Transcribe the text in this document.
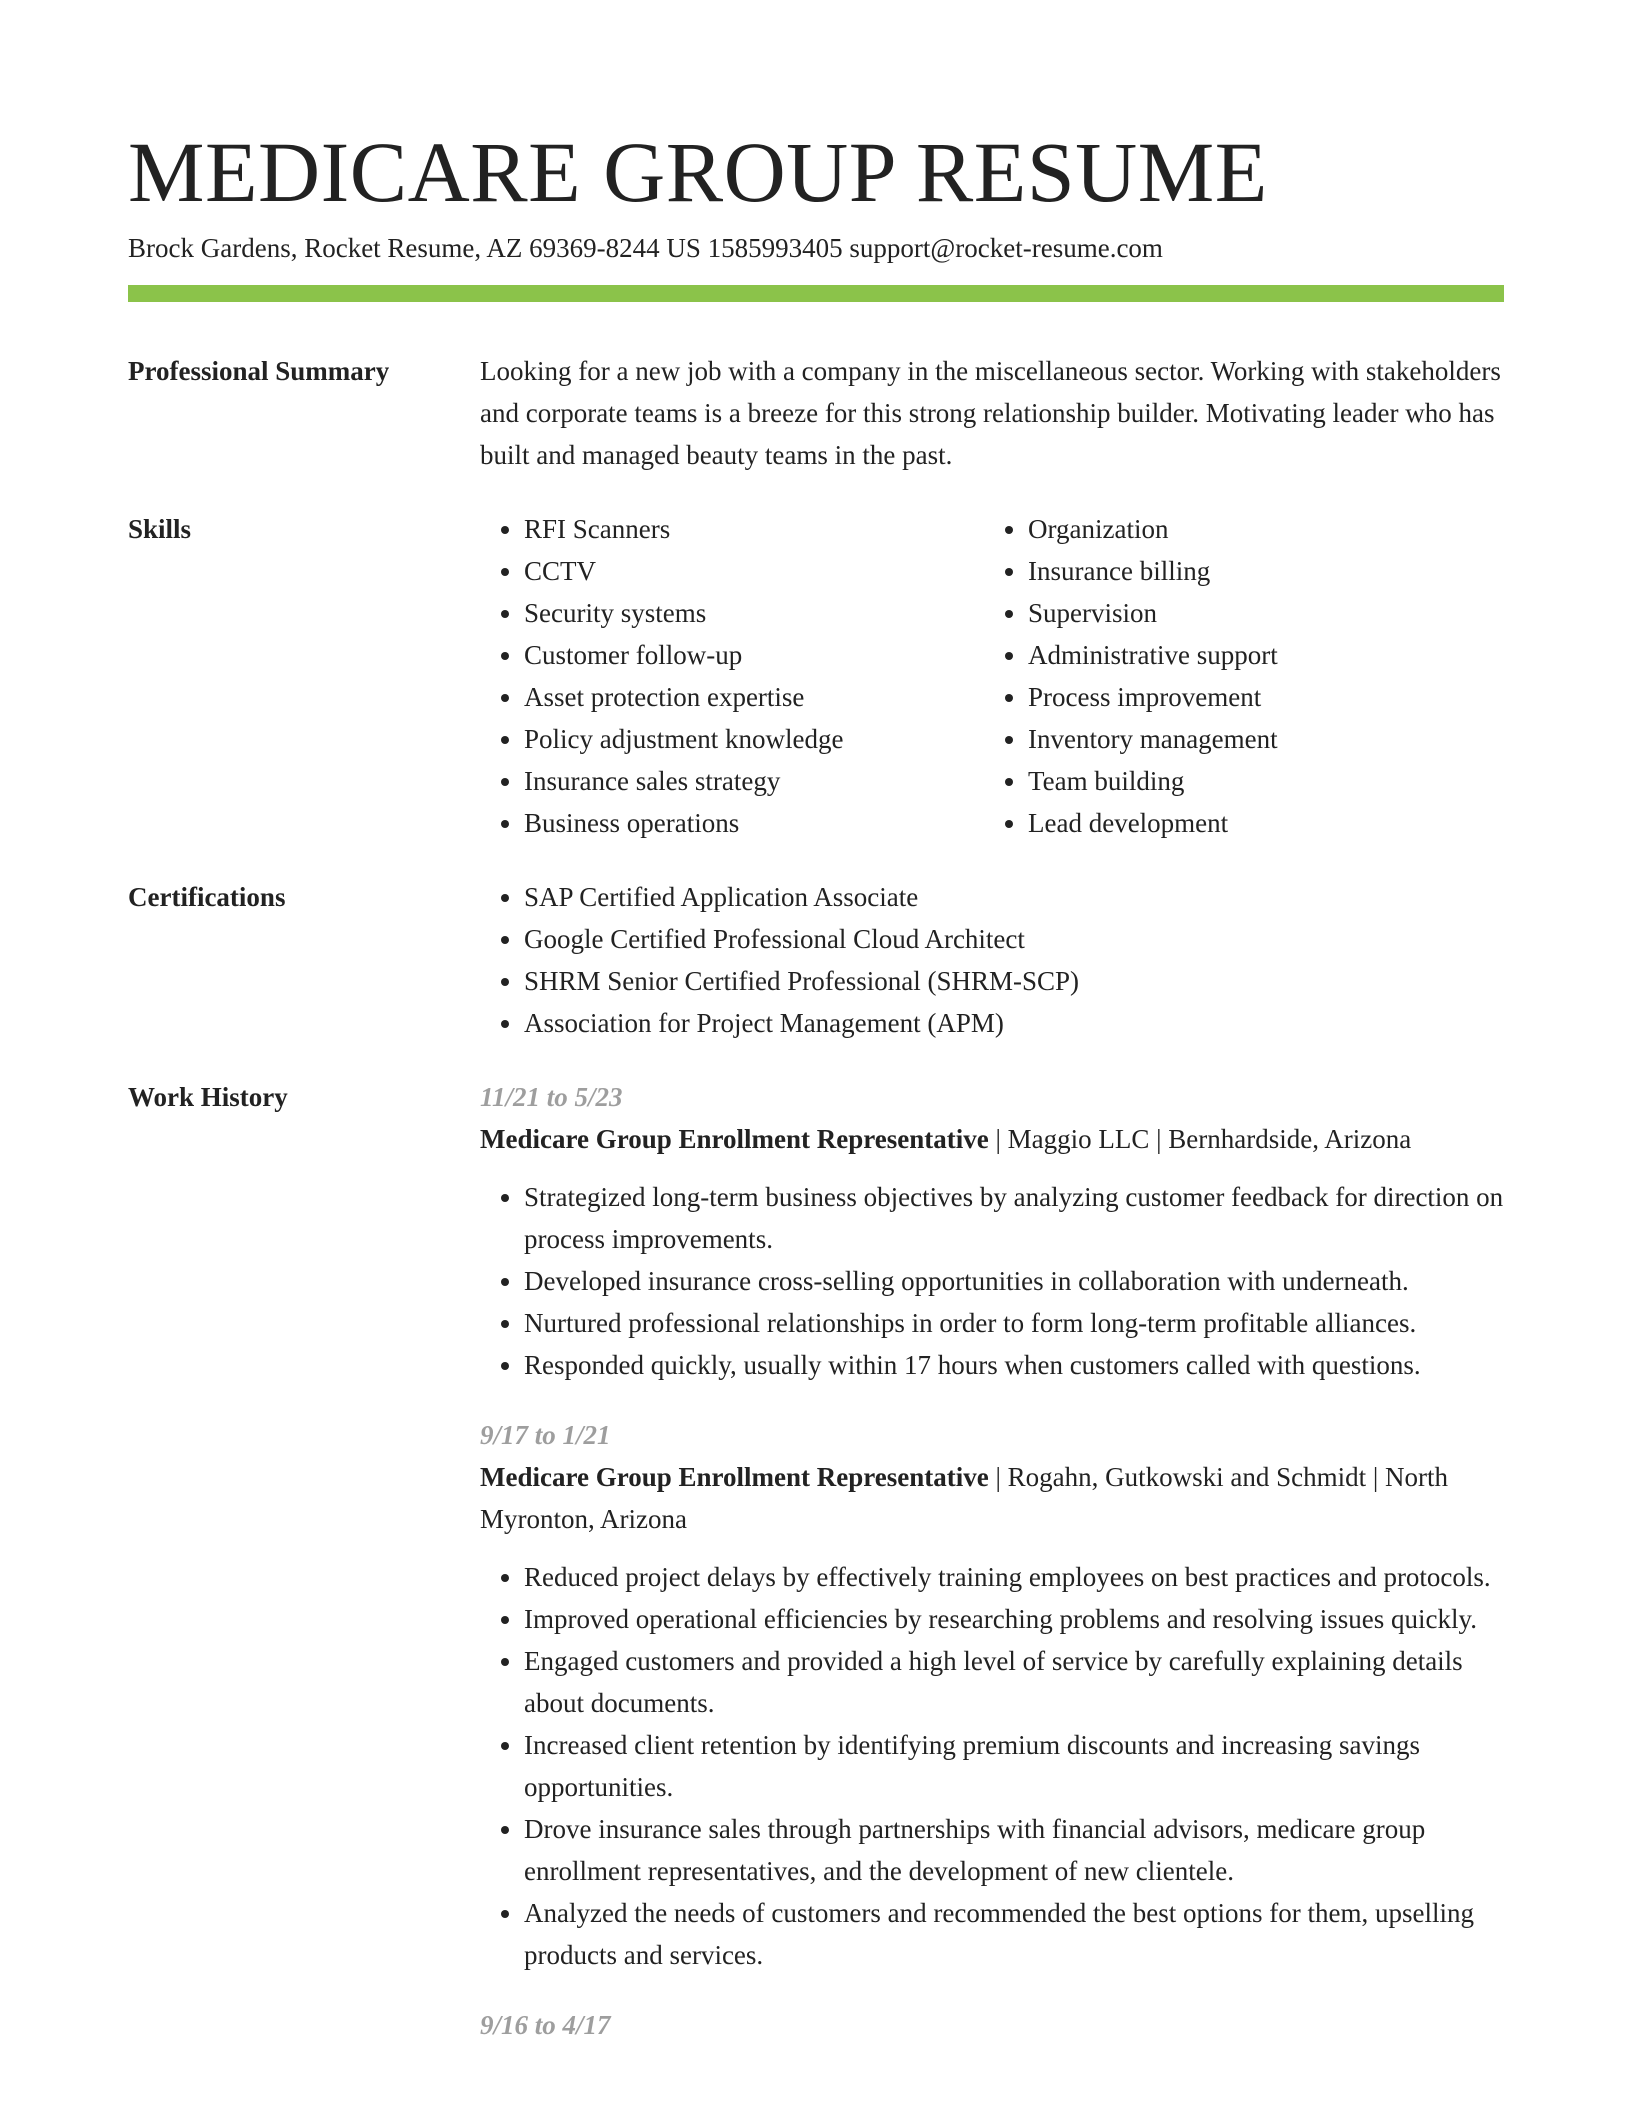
MEDICARE GROUP RESUME
Brock Gardens, Rocket Resume, AZ 69369-8244 US 1585993405 support@rocket-resume.com
Professional Summary	Looking for a new job with a company in the miscellaneous sector. Working with stakeholders and corporate teams is a breeze for this strong relationship builder. Motivating leader who has built and managed beauty teams in the past.

Skills	• RFI Scanners
• CCTV
• Security systems
• Customer follow-up
• Asset protection expertise
• Policy adjustment knowledge
• Insurance sales strategy
• Business operations
• Organization
• Insurance billing
• Supervision
• Administrative support
• Process improvement
• Inventory management
• Team building
• Lead development
Certifications	• SAP Certified Application Associate
• Google Certified Professional Cloud Architect
• SHRM Senior Certified Professional (SHRM-SCP)
• Association for Project Management (APM)
Work History	11/21 to 5/23
Medicare Group Enrollment Representative | Maggio LLC | Bernhardside, Arizona
• Strategized long-term business objectives by analyzing customer feedback for direction on process improvements.
• Developed insurance cross-selling opportunities in collaboration with underneath.
• Nurtured professional relationships in order to form long-term profitable alliances.
• Responded quickly, usually within 17 hours when customers called with questions.
9/17 to 1/21
Medicare Group Enrollment Representative | Rogahn, Gutkowski and Schmidt | North Myronton, Arizona
• Reduced project delays by effectively training employees on best practices and protocols.
• Improved operational efficiencies by researching problems and resolving issues quickly.
• Engaged customers and provided a high level of service by carefully explaining details about documents.
• Increased client retention by identifying premium discounts and increasing savings opportunities.
• Drove insurance sales through partnerships with financial advisors, medicare group enrollment representatives, and the development of new clientele.
• Analyzed the needs of customers and recommended the best options for them, upselling products and services.
9/16 to 4/17
